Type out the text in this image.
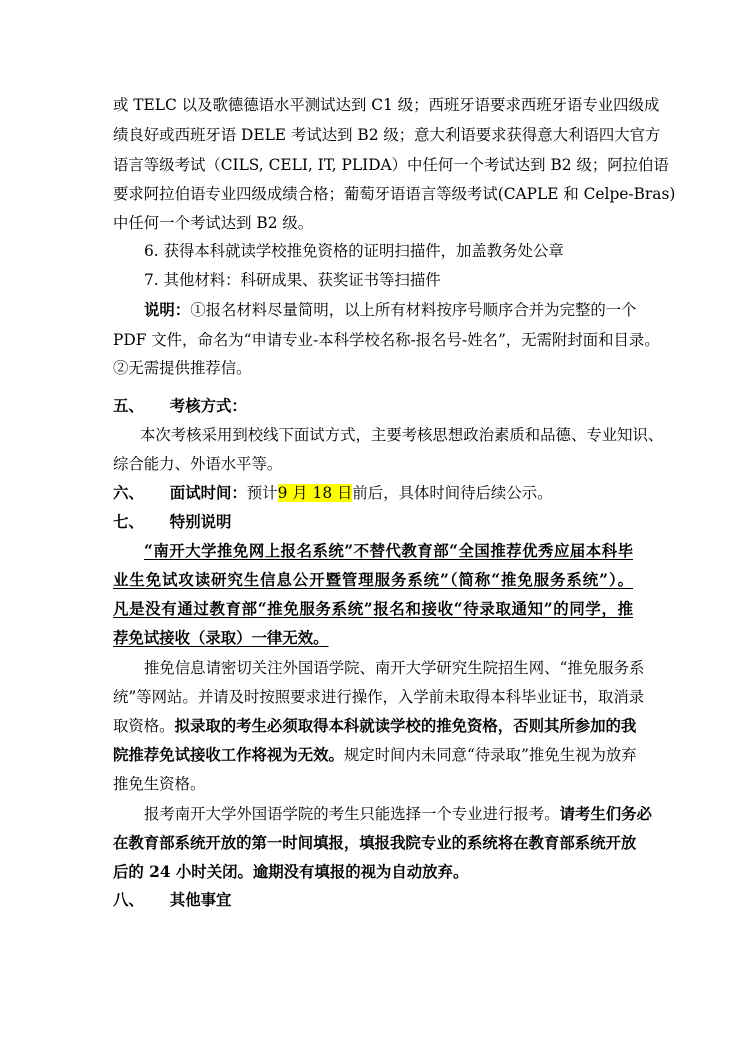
或 TELC 以及歌德德语水平测试达到 C1 级；西班牙语要求西班牙语专业四级成
绩良好或西班牙语 DELE 考试达到 B2 级；意大利语要求获得意大利语四大官方
语言等级考试（CILS, CELI, IT, PLIDA）中任何一个考试达到 B2 级；阿拉伯语
要求阿拉伯语专业四级成绩合格；葡萄牙语语言等级考试(CAPLE 和 Celpe-Bras)
中任何一个考试达到 B2 级。
6. 获得本科就读学校推免资格的证明扫描件，加盖教务处公章
7. 其他材料：科研成果、获奖证书等扫描件
说明：①报名材料尽量简明，以上所有材料按序号顺序合并为完整的一个
PDF 文件，命名为“申请专业-本科学校名称-报名号-姓名”，无需附封面和目录。
②无需提供推荐信。
五、 考核方式：
本次考核采用到校线下面试方式，主要考核思想政治素质和品德、专业知识、
综合能力、外语水平等。
六、 面试时间：预计9 月 18 日前后，具体时间待后续公示。
七、 特别说明
“南开大学推免网上报名系统”不替代教育部“全国推荐优秀应届本科毕
业生免试攻读研究生信息公开暨管理服务系统”（简称“推免服务系统”）。
凡是没有通过教育部“推免服务系统”报名和接收“待录取通知”的同学，推
荐免试接收（录取）一律无效。
推免信息请密切关注外国语学院、南开大学研究生院招生网、“推免服务系
统”等网站。并请及时按照要求进行操作，入学前未取得本科毕业证书，取消录
取资格。拟录取的考生必须取得本科就读学校的推免资格，否则其所参加的我
院推荐免试接收工作将视为无效。规定时间内未同意“待录取”推免生视为放弃
推免生资格。
报考南开大学外国语学院的考生只能选择一个专业进行报考。请考生们务必
在教育部系统开放的第一时间填报，填报我院专业的系统将在教育部系统开放
后的 24 小时关闭。逾期没有填报的视为自动放弃。
八、 其他事宜
